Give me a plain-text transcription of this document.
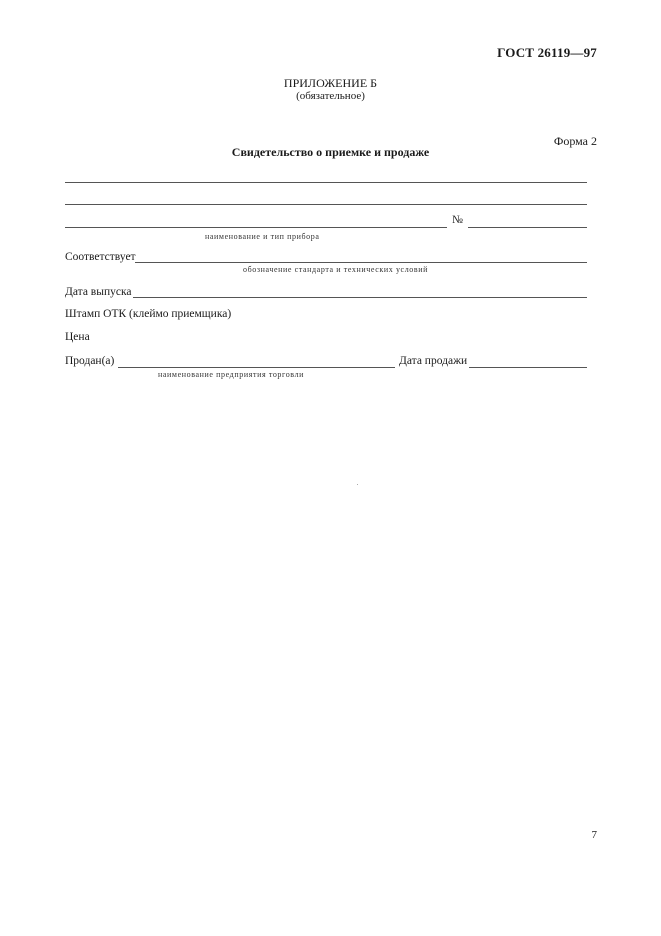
ГОСТ 26119—97
ПРИЛОЖЕНИЕ Б
(обязательное)
Форма 2
Свидетельство о приемке и продаже
№
наименование и тип прибора
Соответствует
обозначение стандарта и технических условий
Дата выпуска
Штамп ОТК (клеймо приемщика)
Цена
Продан(а)	Дата продажи
наименование предприятия торговли
7
